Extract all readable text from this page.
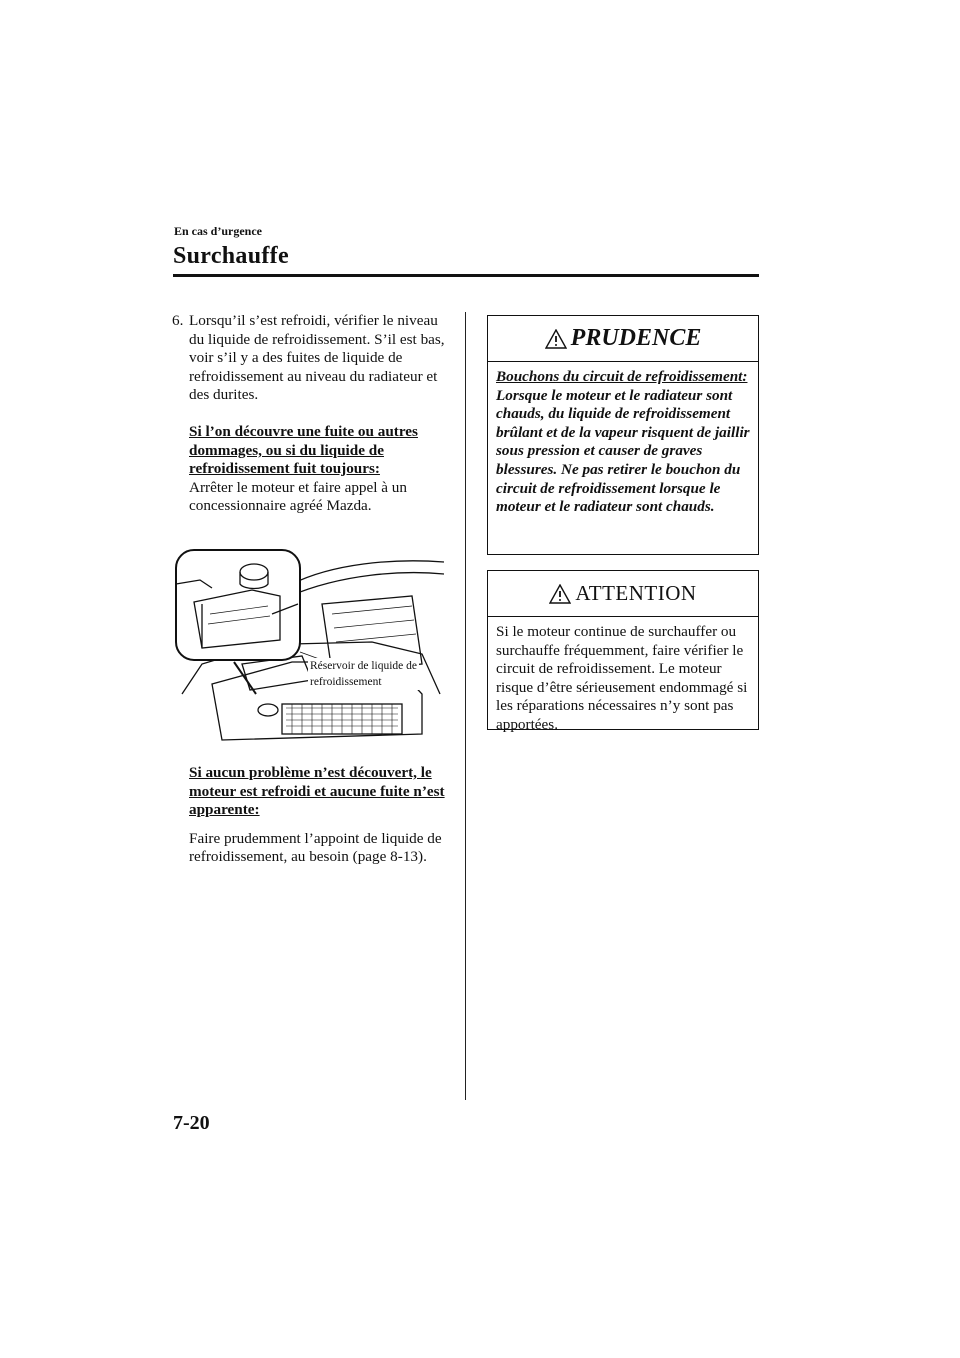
En cas d’urgence
Surchauffe
6. Lorsqu’il s’est refroidi, vérifier le niveau du liquide de refroidissement. S’il est bas, voir s’il y a des fuites de liquide de refroidissement au niveau du radiateur et des durites.

Si l’on découvre une fuite ou autres dommages, ou si du liquide de refroidissement fuit toujours:

Arrêter le moteur et faire appel à un concessionnaire agréé Mazda.

Réservoir de liquide de
refroidissement

Si aucun problème n’est découvert, le moteur est refroidi et aucune fuite n’est apparente:

Faire prudemment l’appoint de liquide de refroidissement, au besoin (page 8-13).

PRUDENCE

Bouchons du circuit de refroidissement:

Lorsque le moteur et le radiateur sont chauds, du liquide de refroidissement brûlant et de la vapeur risquent de jaillir sous pression et causer de graves blessures. Ne pas retirer le bouchon du circuit de refroidissement lorsque le moteur et le radiateur sont chauds.

ATTENTION

Si le moteur continue de surchauffer ou surchauffe fréquemment, faire vérifier le circuit de refroidissement. Le moteur risque d’être sérieusement endommagé si les réparations nécessaires n’y sont pas apportées.

7-20
